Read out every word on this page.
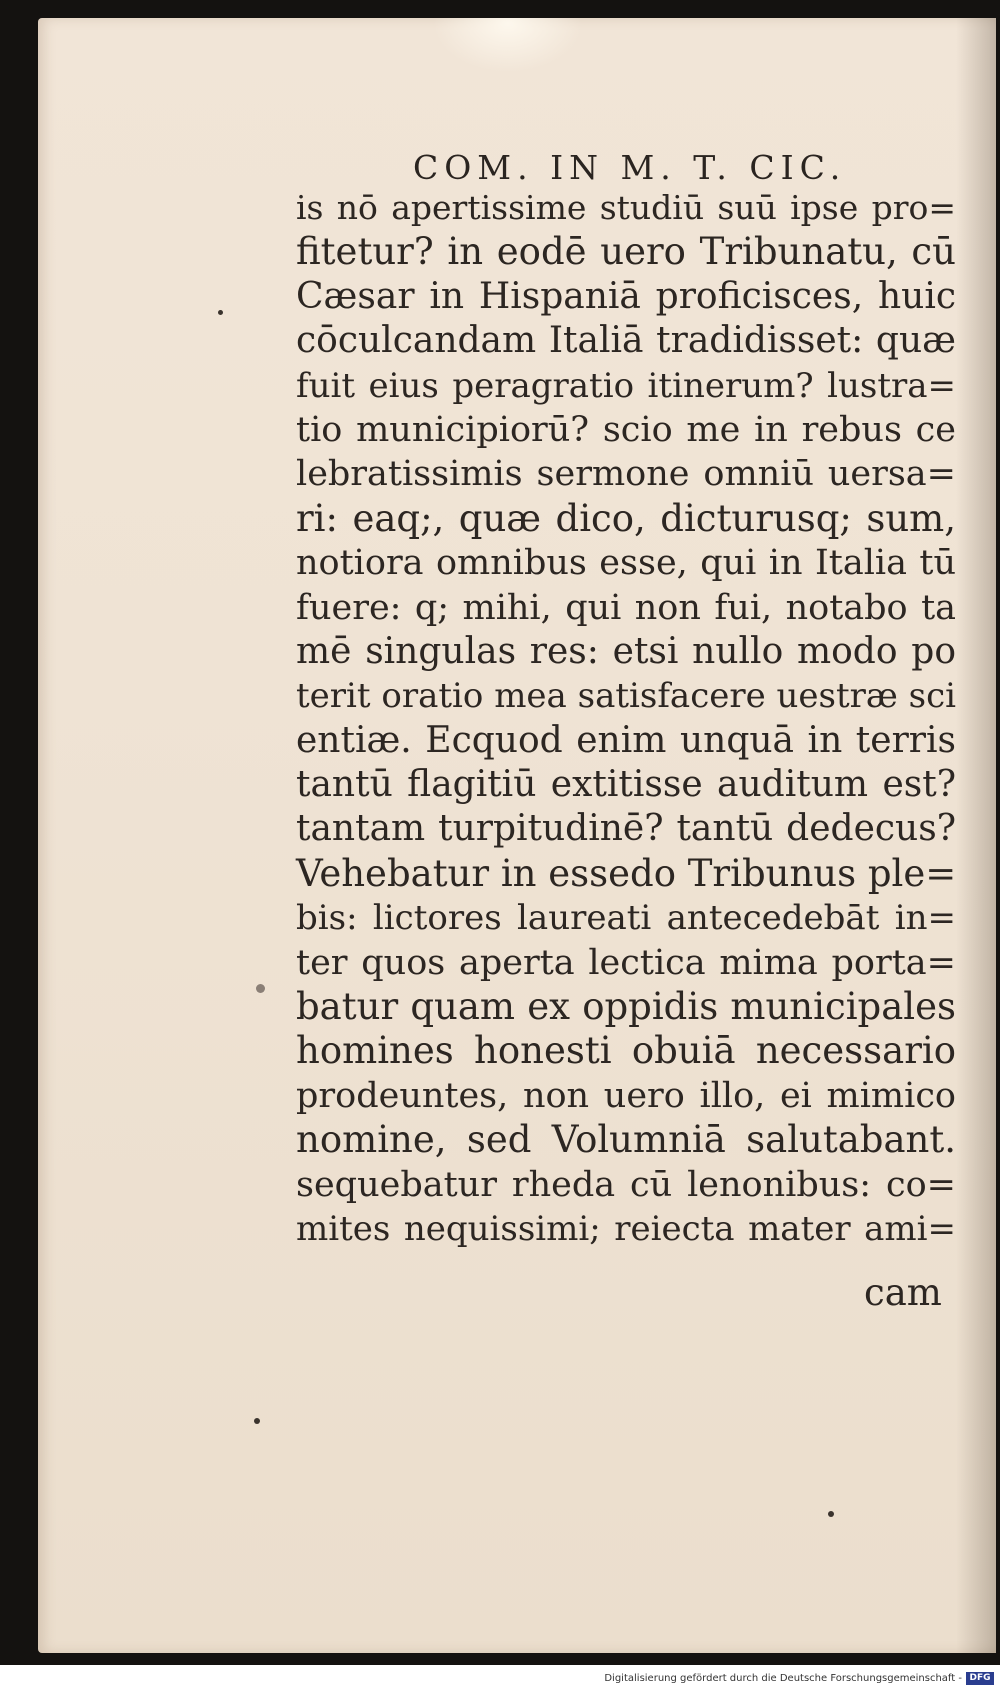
COM. IN M. T. CIC.
is nō apertissime studiū suū ipse pro=
fitetur? in eodē uero Tribunatu, cū
Cæsar in Hispaniā proficisces, huic
cōculcandam Italiā tradidisset: quæ
fuit eius peragratio itinerum? lustra=
tio municipiorū? scio me in rebus ce
lebratissimis sermone omniū uersa=
ri: eaq;, quæ dico, dicturusq; sum,
notiora omnibus esse, qui in Italia tū
fuere: q; mihi, qui non fui, notabo ta
mē singulas res: etsi nullo modo po
terit oratio mea satisfacere uestræ sci
entiæ. Ecquod enim unquā in terris
tantū flagitiū extitisse auditum est?
tantam turpitudinē? tantū dedecus?
Vehebatur in essedo Tribunus ple=
bis: lictores laureati antecedebāt in=
ter quos aperta lectica mima porta=
batur quam ex oppidis municipales
homines honesti obuiā necessario
prodeuntes, non uero illo, ei mimico
nomine, sed Volumniā salutabant.
sequebatur rheda cū lenonibus: co=
mites nequissimi; reiecta mater ami=
cam
Digitalisierung gefördert durch die Deutsche Forschungsgemeinschaft - DFG
